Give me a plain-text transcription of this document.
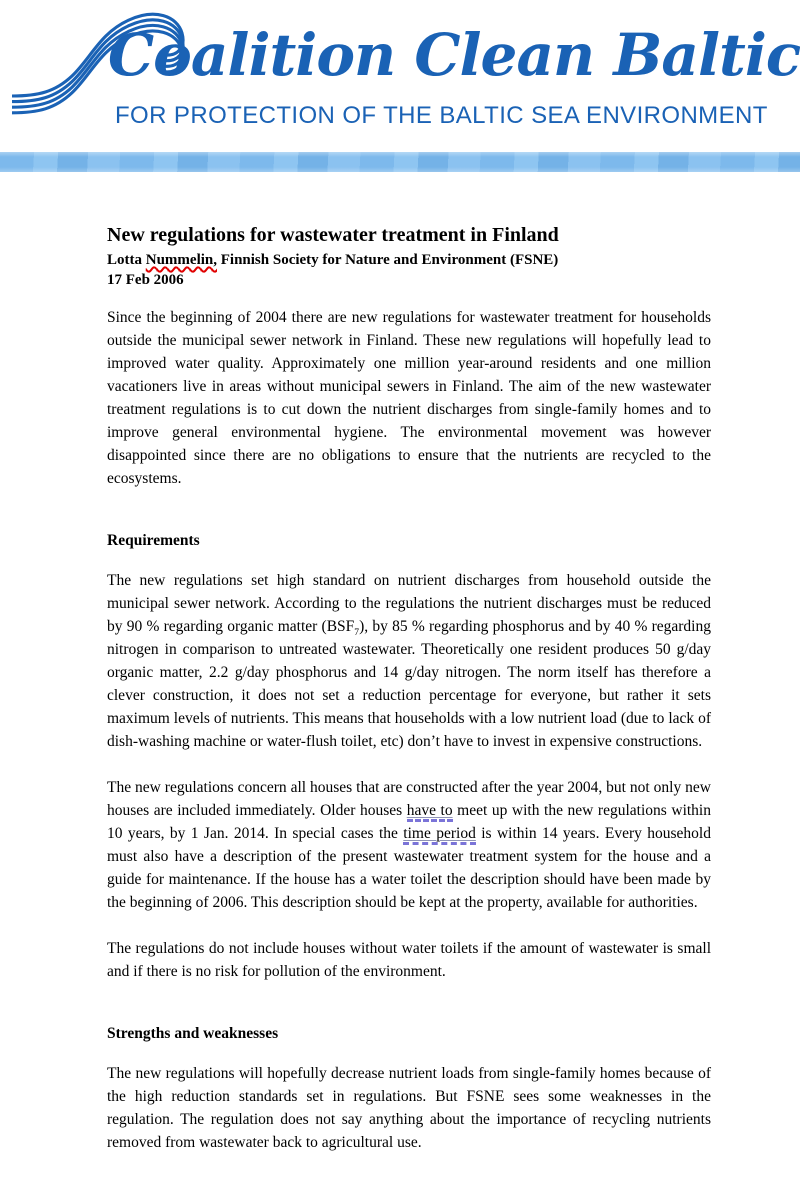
Coalition Clean Baltic
FOR PROTECTION OF THE BALTIC SEA ENVIRONMENT
New regulations for wastewater treatment in Finland

Lotta Nummelin, Finnish Society for Nature and Environment (FSNE)

17 Feb 2006

Since the beginning of 2004 there are new regulations for wastewater treatment for households outside the municipal sewer network in Finland. These new regulations will hopefully lead to improved water quality. Approximately one million year-around residents and one million vacationers live in areas without municipal sewers in Finland. The aim of the new wastewater treatment regulations is to cut down the nutrient discharges from single-family homes and to improve general environmental hygiene. The environmental movement was however disappointed since there are no obligations to ensure that the nutrients are recycled to the ecosystems.

Requirements

The new regulations set high standard on nutrient discharges from household outside the municipal sewer network. According to the regulations the nutrient discharges must be reduced by 90 % regarding organic matter $(BSF_7)$, by 85 % regarding phosphorus and by 40 % regarding nitrogen in comparison to untreated wastewater. Theoretically one resident produces 50 g/day organic matter, 2.2 g/day phosphorus and 14 g/day nitrogen. The norm itself has therefore a clever construction, it does not set a reduction percentage for everyone, but rather it sets maximum levels of nutrients. This means that households with a low nutrient load (due to lack of dish-washing machine or water-flush toilet, etc) don’t have to invest in expensive constructions.

The new regulations concern all houses that are constructed after the year 2004, but not only new houses are included immediately. Older houses have to meet up with the new regulations within 10 years, by 1 Jan. 2014. In special cases the time period is within 14 years. Every household must also have a description of the present wastewater treatment system for the house and a guide for maintenance. If the house has a water toilet the description should have been made by the beginning of 2006. This description should be kept at the property, available for authorities.

The regulations do not include houses without water toilets if the amount of wastewater is small and if there is no risk for pollution of the environment.

Strengths and weaknesses

The new regulations will hopefully decrease nutrient loads from single-family homes because of the high reduction standards set in regulations. But FSNE sees some weaknesses in the regulation. The regulation does not say anything about the importance of recycling nutrients removed from wastewater back to agricultural use.
